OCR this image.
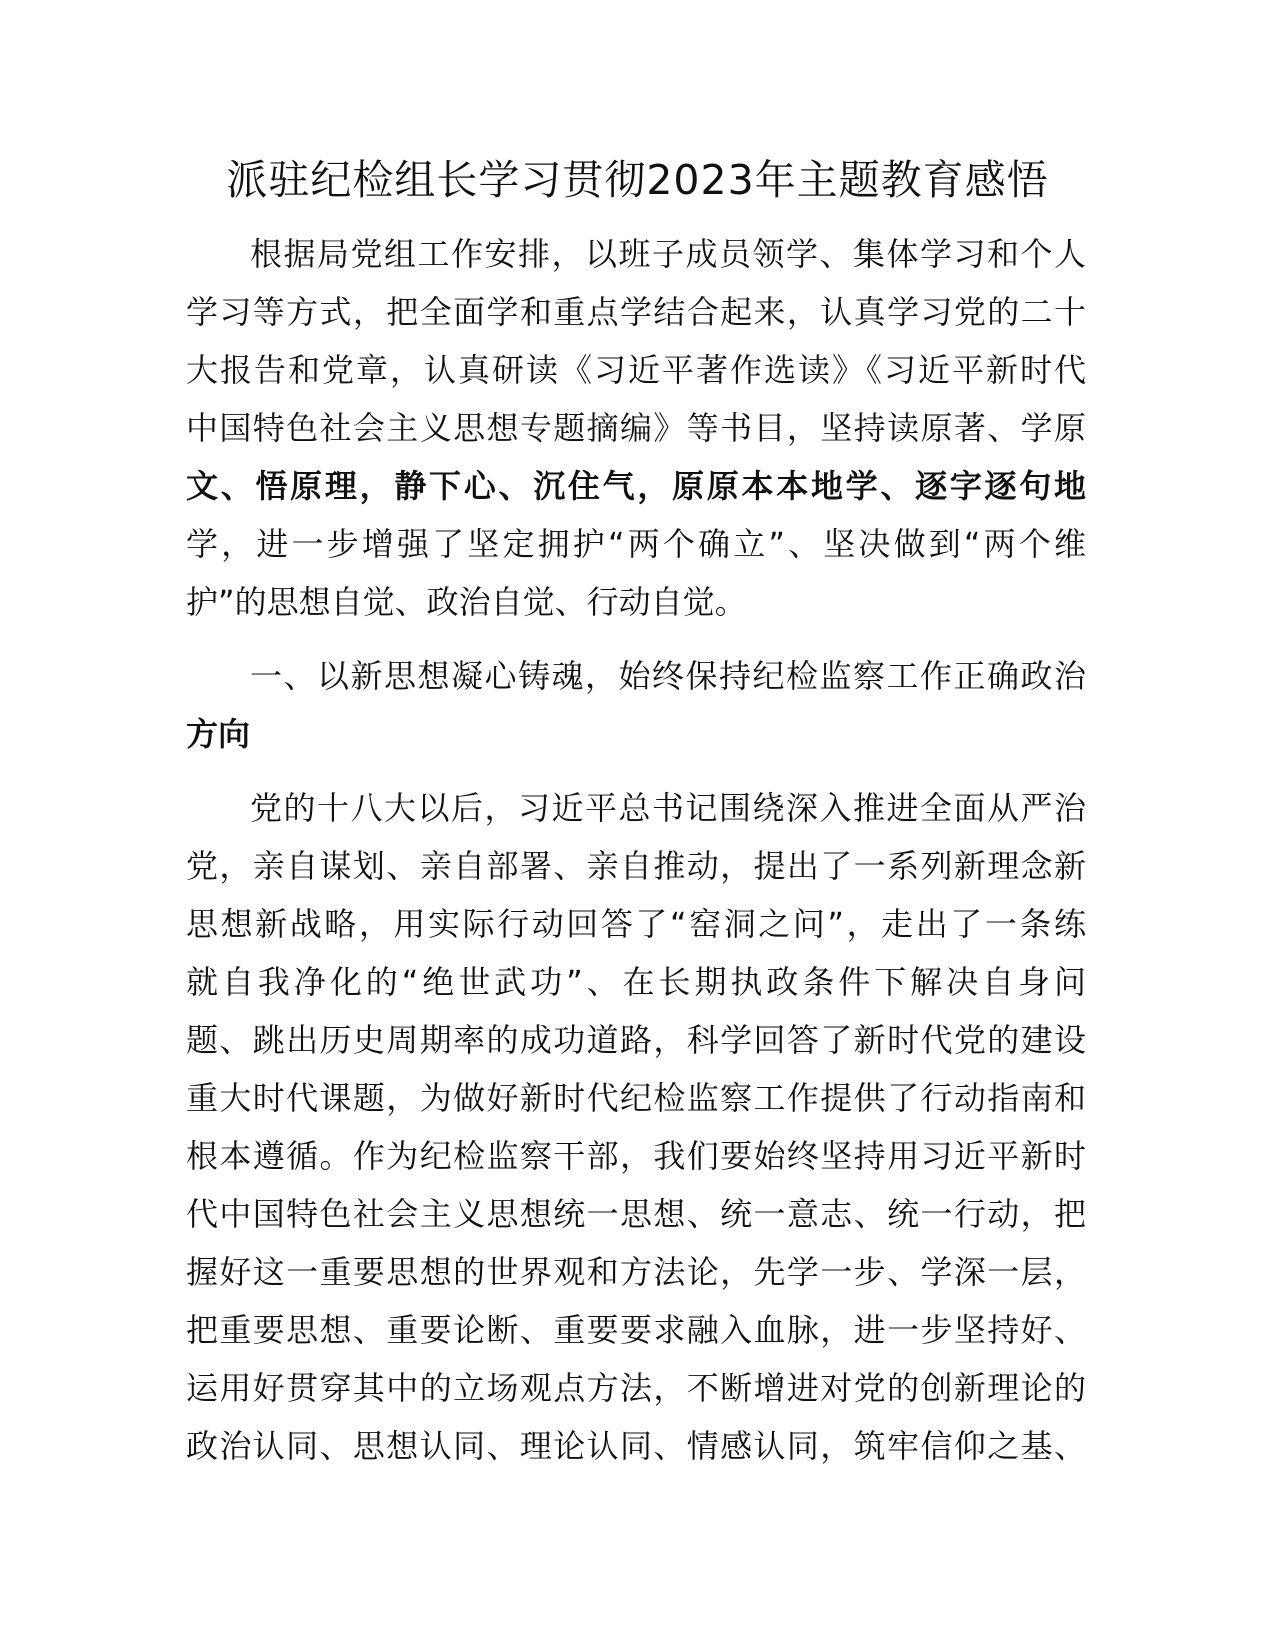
派驻纪检组长学习贯彻2023年主题教育感悟
根据局党组工作安排，以班子成员领学、集体学习和个人
学习等方式，把全面学和重点学结合起来，认真学习党的二十
大报告和党章，认真研读《习近平著作选读》《习近平新时代
中国特色社会主义思想专题摘编》等书目，坚持读原著、学原
文、悟原理，静下心、沉住气，原原本本地学、逐字逐句地
学，进一步增强了坚定拥护“两个确立”、坚决做到“两个维
护”的思想自觉、政治自觉、行动自觉。
一、以新思想凝心铸魂，始终保持纪检监察工作正确政治
方向
党的十八大以后，习近平总书记围绕深入推进全面从严治
党，亲自谋划、亲自部署、亲自推动，提出了一系列新理念新
思想新战略，用实际行动回答了“窑洞之问”，走出了一条练
就自我净化的“绝世武功”、在长期执政条件下解决自身问
题、跳出历史周期率的成功道路，科学回答了新时代党的建设
重大时代课题，为做好新时代纪检监察工作提供了行动指南和
根本遵循。作为纪检监察干部，我们要始终坚持用习近平新时
代中国特色社会主义思想统一思想、统一意志、统一行动，把
握好这一重要思想的世界观和方法论，先学一步、学深一层，
把重要思想、重要论断、重要要求融入血脉，进一步坚持好、
运用好贯穿其中的立场观点方法，不断增进对党的创新理论的
政治认同、思想认同、理论认同、情感认同，筑牢信仰之基、
